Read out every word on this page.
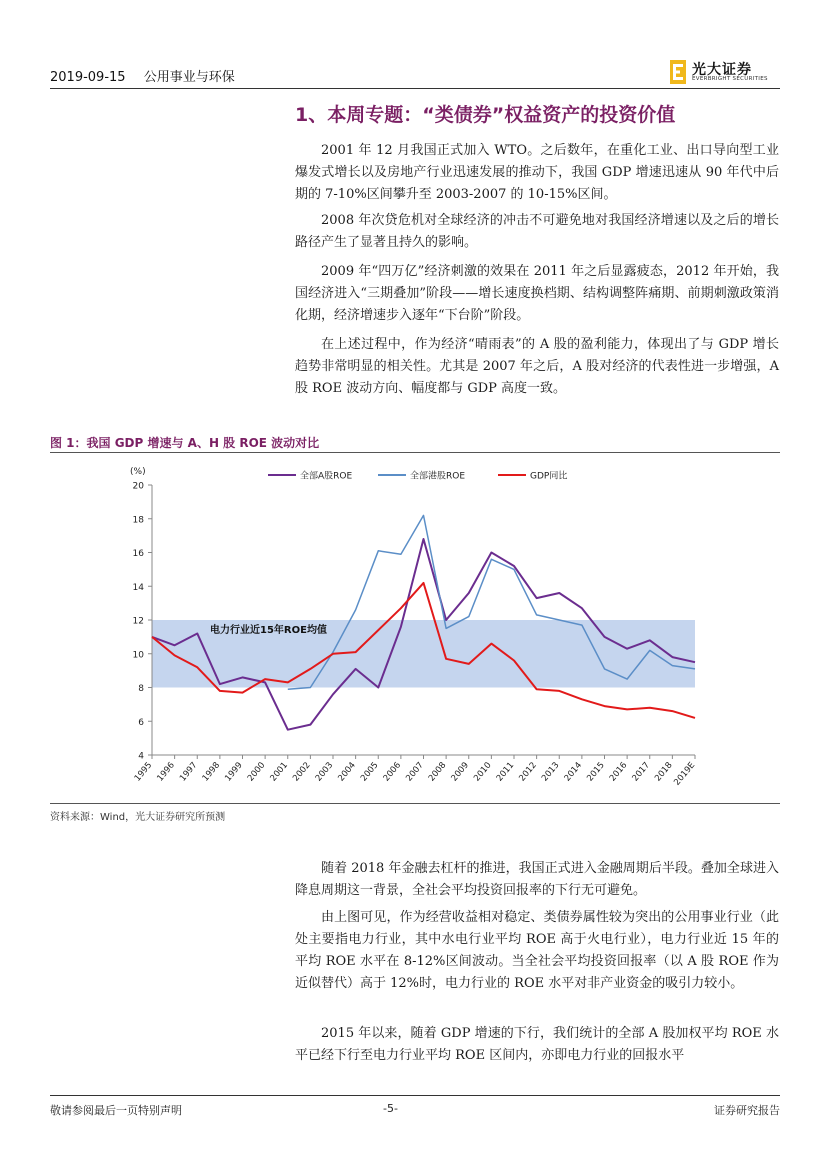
2019-09-15 公用事业与环保	光大证券
EVERBRIGHT SECURITIES
1、本周专题：“类债券”权益资产的投资价值

2001 年 12 月我国正式加入 WTO。之后数年，在重化工业、出口导向型工业爆发式增长以及房地产行业迅速发展的推动下，我国 GDP 增速迅速从 90 年代中后期的 7-10%区间攀升至 2003-2007 的 10-15%区间。

2008 年次贷危机对全球经济的冲击不可避免地对我国经济增速以及之后的增长路径产生了显著且持久的影响。

2009 年“四万亿”经济刺激的效果在 2011 年之后显露疲态，2012 年开始，我国经济进入“三期叠加”阶段——增长速度换档期、结构调整阵痛期、前期刺激政策消化期，经济增速步入逐年“下台阶”阶段。

在上述过程中，作为经济“晴雨表”的 A 股的盈利能力，体现出了与 GDP 增长趋势非常明显的相关性。尤其是 2007 年之后，A 股对经济的代表性进一步增强，A 股 ROE 波动方向、幅度都与 GDP 高度一致。

图 1：我国 GDP 增速与 A、H 股 ROE 波动对比
电力行业近15年ROE均值
4
6
8
10
12
14
16
18
20
(%)
1995 1996 1997 1998 1999 2000 2001 2002 2003 2004 2005 2006 2007 2008 2009 2010 2011 2012 2013 2014 2015 2016 2017 2018
2019E
全部A股ROE	全部港股ROE	GDP同比
资料来源：Wind，光大证券研究所预测

随着 2018 年金融去杠杆的推进，我国正式进入金融周期后半段。叠加全球进入降息周期这一背景，全社会平均投资回报率的下行无可避免。

由上图可见，作为经营收益相对稳定、类债券属性较为突出的公用事业行业（此处主要指电力行业，其中水电行业平均 ROE 高于火电行业），电力行业近 15 年的平均 ROE 水平在 8-12%区间波动。当全社会平均投资回报率（以 A 股 ROE 作为近似替代）高于 12%时，电力行业的 ROE 水平对非产业资金的吸引力较小。

2015 年以来，随着 GDP 增速的下行，我们统计的全部 A 股加权平均 ROE 水平已经下行至电力行业平均 ROE 区间内，亦即电力行业的回报水平

敬请参阅最后一页特别声明	-5-	证券研究报告
